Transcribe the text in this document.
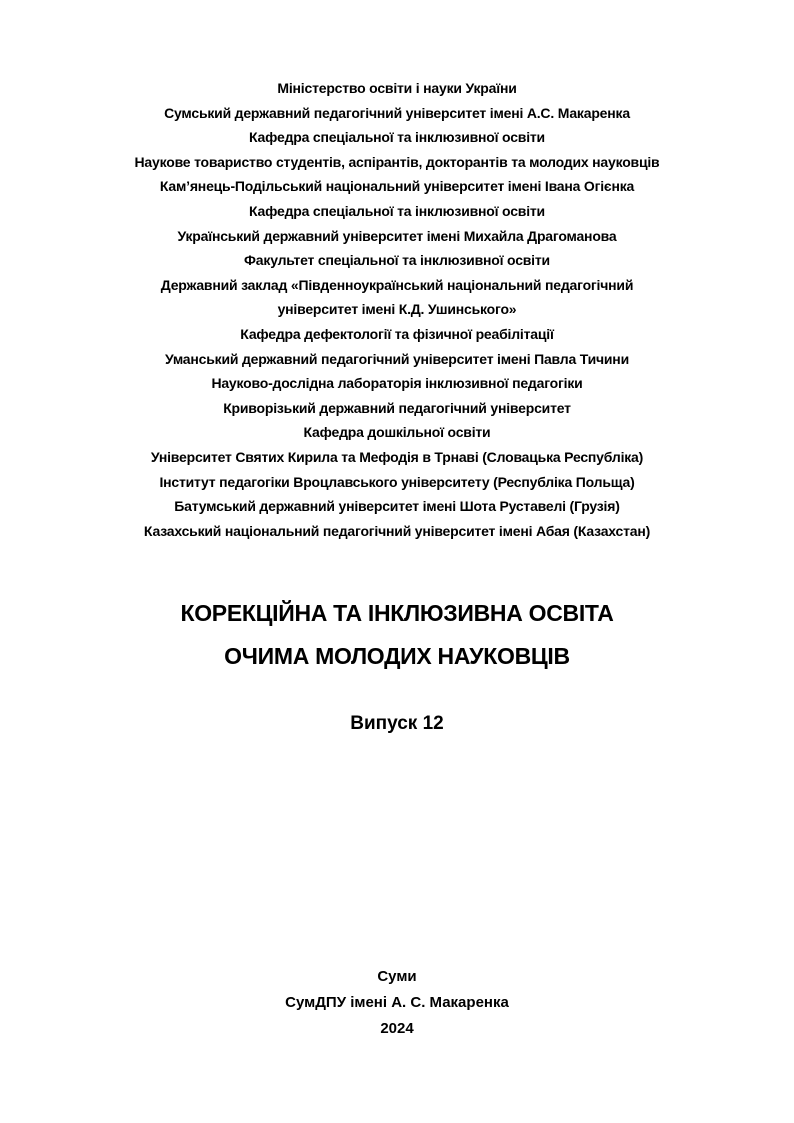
Міністерство освіти і науки України
Сумський державний педагогічний університет імені А.С. Макаренка
Кафедра спеціальної та інклюзивної освіти
Наукове товариство студентів, аспірантів, докторантів та молодих науковців
Кам’янець-Подільський національний університет імені Івана Огієнка
Кафедра спеціальної та інклюзивної освіти
Український державний університет імені Михайла Драгоманова
Факультет спеціальної та інклюзивної освіти
Державний заклад «Південноукраїнський національний педагогічний
університет імені К.Д. Ушинського»
Кафедра дефектології та фізичної реабілітації
Уманський державний педагогічний університет імені Павла Тичини
Науково-дослідна лабораторія інклюзивної педагогіки
Криворізький державний педагогічний університет
Кафедра дошкільної освіти
Університет Святих Кирила та Мефодія в Трнаві (Словацька Республіка)
Інститут педагогіки Вроцлавського університету (Республіка Польща)
Батумський державний університет імені Шота Руставелі (Грузія)
Казахський національний педагогічний університет імені Абая (Казахстан)
КОРЕКЦІЙНА ТА ІНКЛЮЗИВНА ОСВІТА
ОЧИМА МОЛОДИХ НАУКОВЦІВ
Випуск 12
Суми
СумДПУ імені А. С. Макаренка
2024
